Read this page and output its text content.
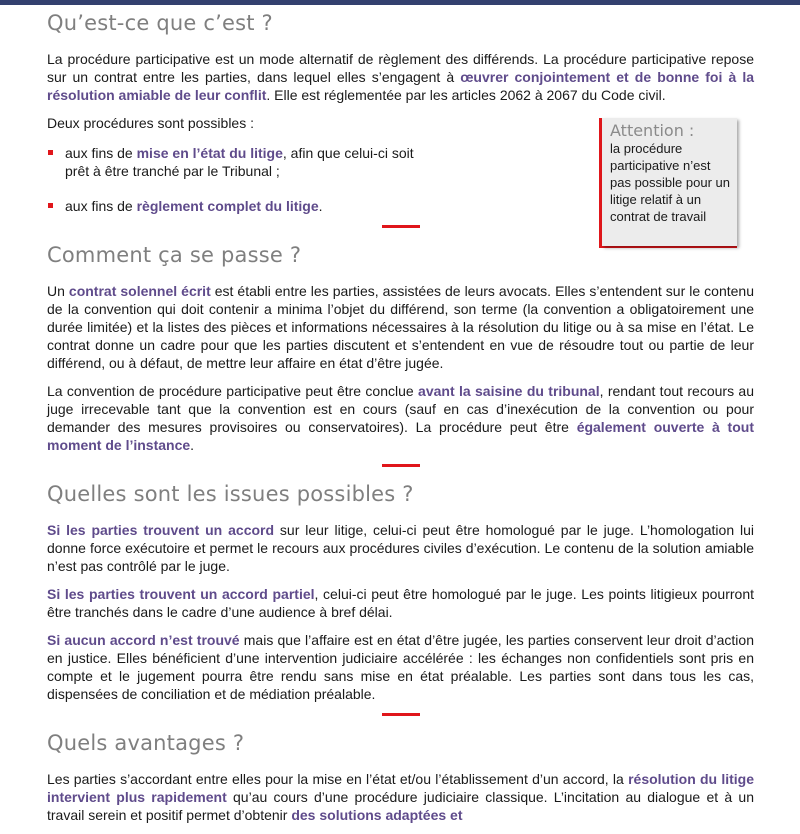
Qu’est-ce que c’est ?

La procédure participative est un mode alternatif de règlement des différends. La procédure participative repose sur un contrat entre les parties, dans lequel elles s’engagent à œuvrer conjointement et de bonne foi à la résolution amiable de leur conflit. Elle est réglementée par les articles 2062 à 2067 du Code civil.

Deux procédures sont possibles :

aux fins de mise en l’état du litige, afin que celui-ci soit prêt à être tranché par le Tribunal ;
aux fins de règlement complet du litige.
Comment ça se passe ?

Un contrat solennel écrit est établi entre les parties, assistées de leurs avocats. Elles s’entendent sur le contenu de la convention qui doit contenir a minima l’objet du différend, son terme (la convention a obligatoirement une durée limitée) et la listes des pièces et informations nécessaires à la résolution du litige ou à sa mise en l’état. Le contrat donne un cadre pour que les parties discutent et s’entendent en vue de résoudre tout ou partie de leur différend, ou à défaut, de mettre leur affaire en état d’être jugée.

La convention de procédure participative peut être conclue avant la saisine du tribunal, rendant tout recours au juge irrecevable tant que la convention est en cours (sauf en cas d’inexécution de la convention ou pour demander des mesures provisoires ou conservatoires). La procédure peut être également ouverte à tout moment de l’instance.

Quelles sont les issues possibles ?

Si les parties trouvent un accord sur leur litige, celui-ci peut être homologué par le juge. L’homologation lui donne force exécutoire et permet le recours aux procédures civiles d’exécution. Le contenu de la solution amiable n’est pas contrôlé par le juge.

Si les parties trouvent un accord partiel, celui-ci peut être homologué par le juge. Les points litigieux pourront être tranchés dans le cadre d’une audience à bref délai.

Si aucun accord n’est trouvé mais que l’affaire est en état d’être jugée, les parties conservent leur droit d’action en justice. Elles bénéficient d’une intervention judiciaire accélérée : les échanges non confidentiels sont pris en compte et le jugement pourra être rendu sans mise en état préalable. Les parties sont dans tous les cas, dispensées de conciliation et de médiation préalable.

Quels avantages ?

Les parties s’accordant entre elles pour la mise en l’état et/ou l’établissement d’un accord, la résolution du litige intervient plus rapidement qu’au cours d’une procédure judiciaire classique. L’incitation au dialogue et à un travail serein et positif permet d’obtenir des solutions adaptées et

Attention :
la procédure participative n’est pas possible pour un litige relatif à un contrat de travail
